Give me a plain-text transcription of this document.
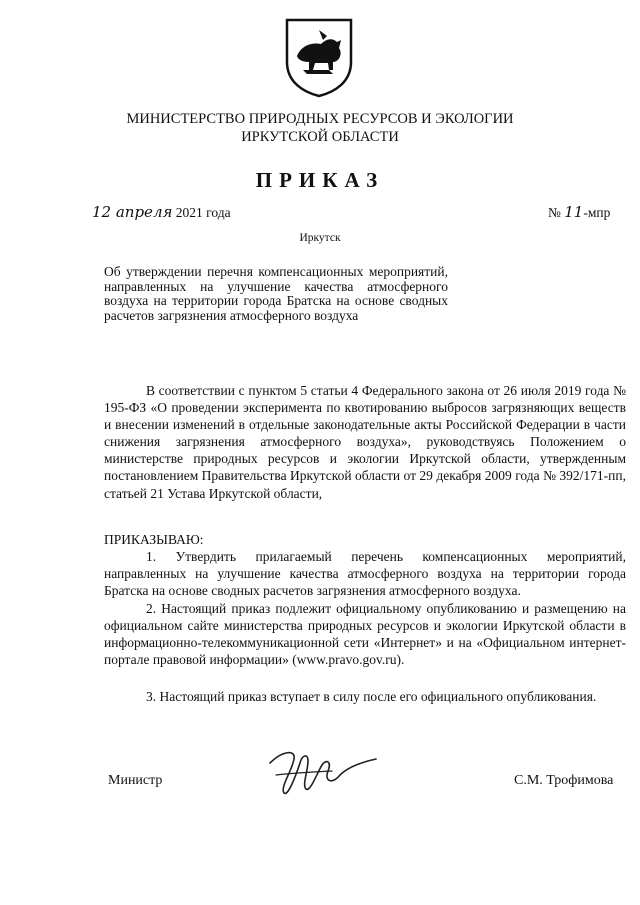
МИНИСТЕРСТВО ПРИРОДНЫХ РЕСУРСОВ И ЭКОЛОГИИ
ИРКУТСКОЙ ОБЛАСТИ
ПРИКАЗ
12 апреля 2021 года	№ 11-мпр
Иркутск
Об утверждении перечня компенсационных мероприятий, направленных на улучшение качества атмосферного воздуха на территории города Братска на основе сводных расчетов загрязнения атмосферного воздуха
В соответствии с пунктом 5 статьи 4 Федерального закона от 26 июля 2019 года № 195-ФЗ «О проведении эксперимента по квотированию выбросов загрязняющих веществ и внесении изменений в отдельные законодательные акты Российской Федерации в части снижения загрязнения атмосферного воздуха», руководствуясь Положением о министерстве природных ресурсов и экологии Иркутской области, утвержденным постановлением Правительства Иркутской области от 29 декабря 2009 года № 392/171-пп, статьей 21 Устава Иркутской области,
ПРИКАЗЫВАЮ:
1. Утвердить прилагаемый перечень компенсационных мероприятий, направленных на улучшение качества атмосферного воздуха на территории города Братска на основе сводных расчетов загрязнения атмосферного воздуха.
2. Настоящий приказ подлежит официальному опубликованию и размещению на официальном сайте министерства природных ресурсов и экологии Иркутской области в информационно-телекоммуникационной сети «Интернет» и на «Официальном интернет-портале правовой информации» (www.pravo.gov.ru).
3. Настоящий приказ вступает в силу после его официального опубликования.
Министр	С.М. Трофимова
